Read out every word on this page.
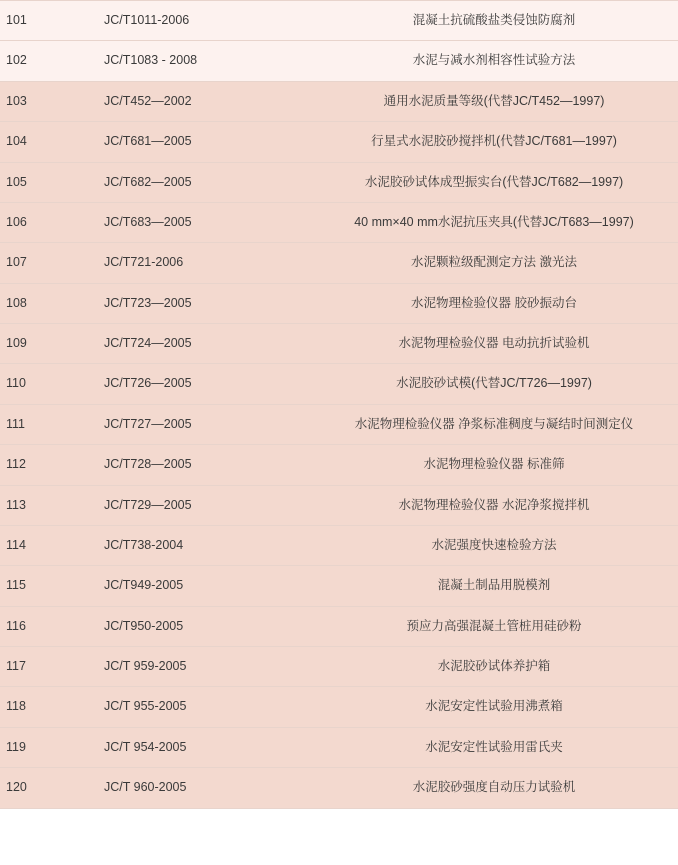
101	JC/T1011-2006	混凝土抗硫酸盐类侵蚀防腐剂
102	JC/T1083 - 2008	水泥与减水剂相容性试验方法
103	JC/T452—2002	通用水泥质量等级(代替JC/T452—1997)
104	JC/T681—2005	行星式水泥胶砂搅拌机(代替JC/T681—1997)
105	JC/T682—2005	水泥胶砂试体成型振实台(代替JC/T682—1997)
106	JC/T683—2005	40 mm×40 mm水泥抗压夹具(代替JC/T683—1997)
107	JC/T721-2006	水泥颗粒级配测定方法 激光法
108	JC/T723—2005	水泥物理检验仪器 胶砂振动台
109	JC/T724—2005	水泥物理检验仪器 电动抗折试验机
110	JC/T726—2005	水泥胶砂试模(代替JC/T726—1997)
111	JC/T727—2005	水泥物理检验仪器 净浆标准稠度与凝结时间测定仪
112	JC/T728—2005	水泥物理检验仪器 标准筛
113	JC/T729—2005	水泥物理检验仪器 水泥净浆搅拌机
114	JC/T738-2004	水泥强度快速检验方法
115	JC/T949-2005	混凝土制品用脱模剂
116	JC/T950-2005	预应力高强混凝土管桩用硅砂粉
117	JC/T 959-2005	水泥胶砂试体养护箱
118	JC/T 955-2005	水泥安定性试验用沸煮箱
119	JC/T 954-2005	水泥安定性试验用雷氏夹
120	JC/T 960-2005	水泥胶砂强度自动压力试验机
